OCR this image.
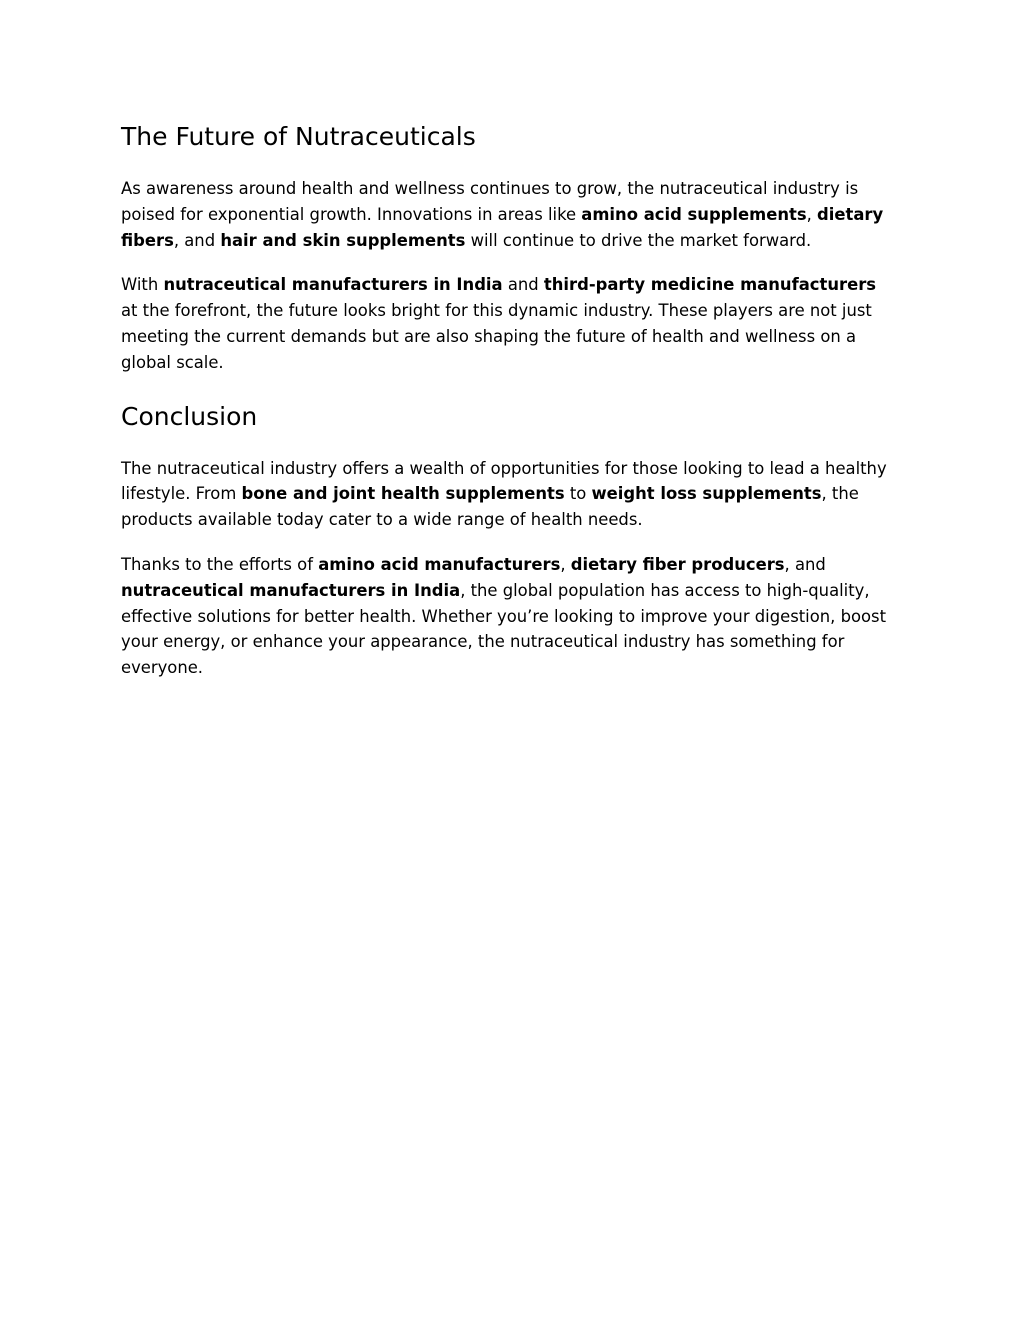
The Future of Nutraceuticals

As awareness around health and wellness continues to grow, the nutraceutical industry is poised for exponential growth. Innovations in areas like amino acid supplements, dietary fibers, and hair and skin supplements will continue to drive the market forward.

With nutraceutical manufacturers in India and third-party medicine manufacturers at the forefront, the future looks bright for this dynamic industry. These players are not just meeting the current demands but are also shaping the future of health and wellness on a global scale.

Conclusion

The nutraceutical industry offers a wealth of opportunities for those looking to lead a healthy lifestyle. From bone and joint health supplements to weight loss supplements, the products available today cater to a wide range of health needs.

Thanks to the efforts of amino acid manufacturers, dietary fiber producers, and nutraceutical manufacturers in India, the global population has access to high-quality, effective solutions for better health. Whether you’re looking to improve your digestion, boost your energy, or enhance your appearance, the nutraceutical industry has something for everyone.
